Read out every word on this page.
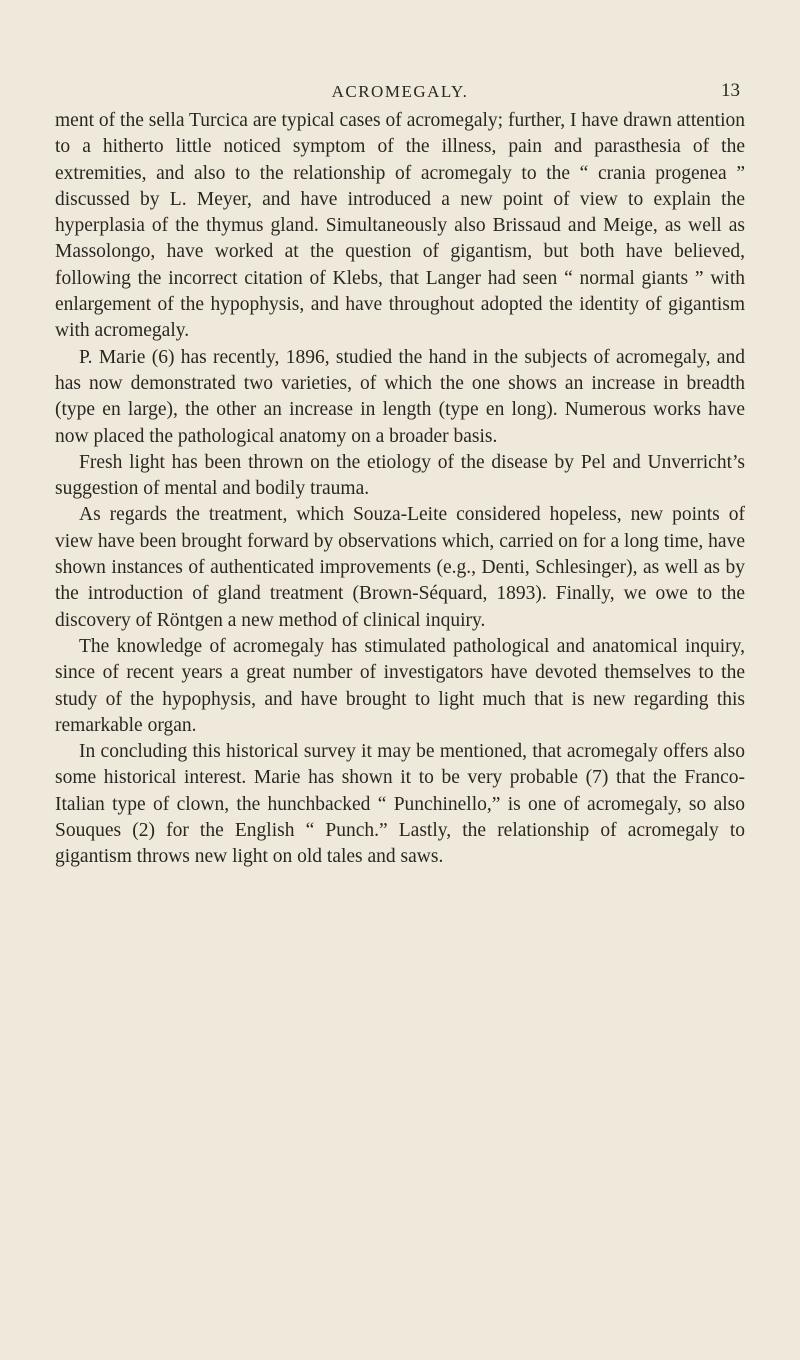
ACROMEGALY.	13

ment of the sella Turcica are typical cases of acromegaly; further, I have drawn attention to a hitherto little noticed symptom of the illness, pain and parasthesia of the extremities, and also to the relationship of acromegaly to the “ crania progenea ” discussed by L. Meyer, and have introduced a new point of view to explain the hyperplasia of the thymus gland. Simultaneously also Brissaud and Meige, as well as Massolongo, have worked at the question of gigantism, but both have believed, following the incorrect citation of Klebs, that Langer had seen “ normal giants ” with enlargement of the hypophysis, and have throughout adopted the identity of gigantism with acromegaly.

P. Marie (6) has recently, 1896, studied the hand in the subjects of acromegaly, and has now demonstrated two varieties, of which the one shows an increase in breadth (type en large), the other an increase in length (type en long). Numerous works have now placed the pathological anatomy on a broader basis.

Fresh light has been thrown on the etiology of the disease by Pel and Unverricht’s suggestion of mental and bodily trauma.

As regards the treatment, which Souza-Leite considered hopeless, new points of view have been brought forward by observations which, carried on for a long time, have shown instances of authenticated improvements (e.g., Denti, Schlesinger), as well as by the introduction of gland treatment (Brown-Séquard, 1893). Finally, we owe to the discovery of Röntgen a new method of clinical inquiry.

The knowledge of acromegaly has stimulated pathological and anatomical inquiry, since of recent years a great number of investigators have devoted themselves to the study of the hypophysis, and have brought to light much that is new regarding this remarkable organ.

In concluding this historical survey it may be mentioned, that acromegaly offers also some historical interest. Marie has shown it to be very probable (7) that the Franco-Italian type of clown, the hunchbacked “ Punchinello,” is one of acromegaly, so also Souques (2) for the English “ Punch.” Lastly, the relationship of acromegaly to gigantism throws new light on old tales and saws.
